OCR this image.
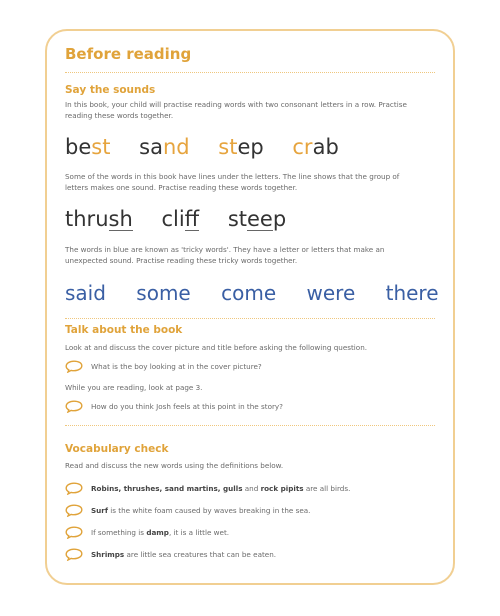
Before reading
Say the sounds
In this book, your child will practise reading words with two consonant letters in a row. Practise reading these words together.
best sand step crab
Some of the words in this book have lines under the letters. The line shows that the group of letters makes one sound. Practise reading these words together.
thrush cliff steep
The words in blue are known as 'tricky words'. They have a letter or letters that make an unexpected sound. Practise reading these tricky words together.
said some come were there
Talk about the book
Look at and discuss the cover picture and title before asking the following question.
What is the boy looking at in the cover picture?
While you are reading, look at page 3.
How do you think Josh feels at this point in the story?
Vocabulary check
Read and discuss the new words using the definitions below.
Robins, thrushes, sand martins, gulls and rock pipits are all birds.
Surf is the white foam caused by waves breaking in the sea.
If something is damp, it is a little wet.
Shrimps are little sea creatures that can be eaten.
